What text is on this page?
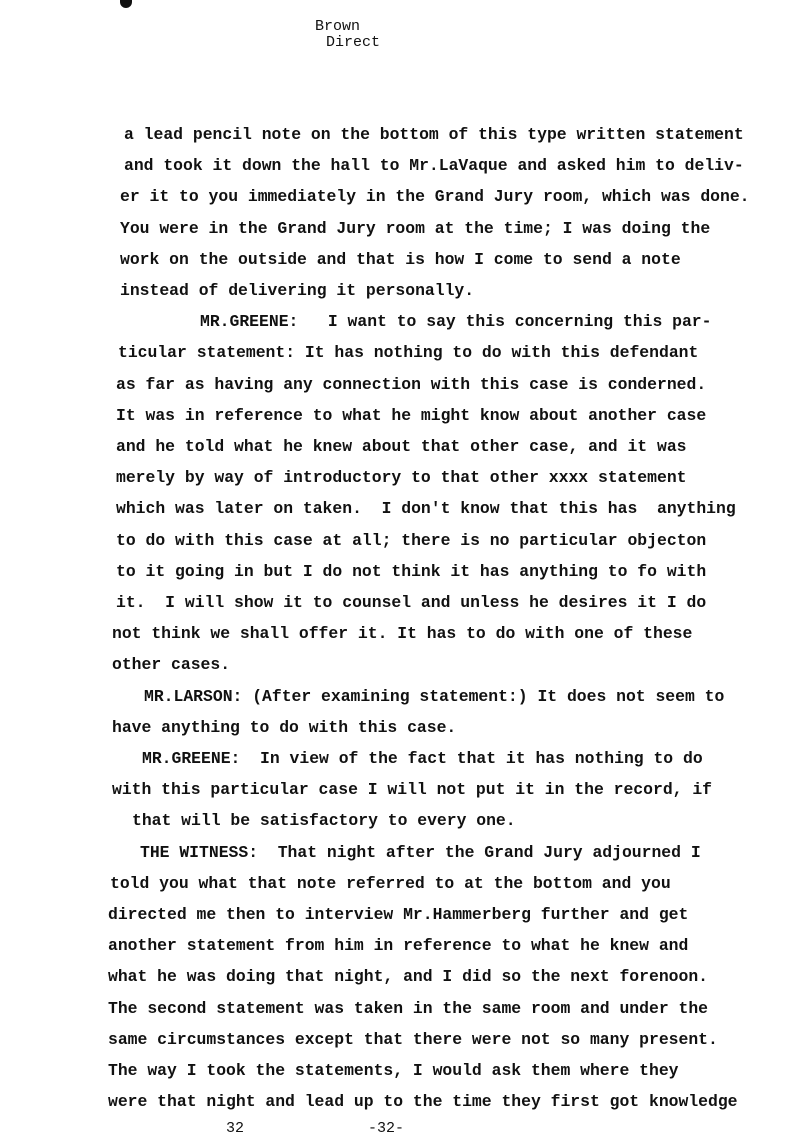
Brown
Direct
a lead pencil note on the bottom of this type written statement
and took it down the hall to Mr.LaVaque and asked him to deliv-
er it to you immediately in the Grand Jury room, which was done.
You were in the Grand Jury room at the time; I was doing the
work on the outside and that is how I come to send a note
instead of delivering it personally.
MR.GREENE:   I want to say this concerning this par-
ticular statement: It has nothing to do with this defendant
as far as having any connection with this case is conderned.
It was in reference to what he might know about another case
and he told what he knew about that other case, and it was
merely by way of introductory to that other xxxx statement
which was later on taken.  I don't know that this has  anything
to do with this case at all; there is no particular objecton
to it going in but I do not think it has anything to fo with
it.  I will show it to counsel and unless he desires it I do
not think we shall offer it. It has to do with one of these
other cases.
MR.LARSON: (After examining statement:) It does not seem to
have anything to do with this case.
MR.GREENE:  In view of the fact that it has nothing to do
with this particular case I will not put it in the record, if
that will be satisfactory to every one.
THE WITNESS:  That night after the Grand Jury adjourned I
told you what that note referred to at the bottom and you
directed me then to interview Mr.Hammerberg further and get
another statement from him in reference to what he knew and
what he was doing that night, and I did so the next forenoon.
The second statement was taken in the same room and under the
same circumstances except that there were not so many present.
The way I took the statements, I would ask them where they
were that night and lead up to the time they first got knowledge
32	-32-
